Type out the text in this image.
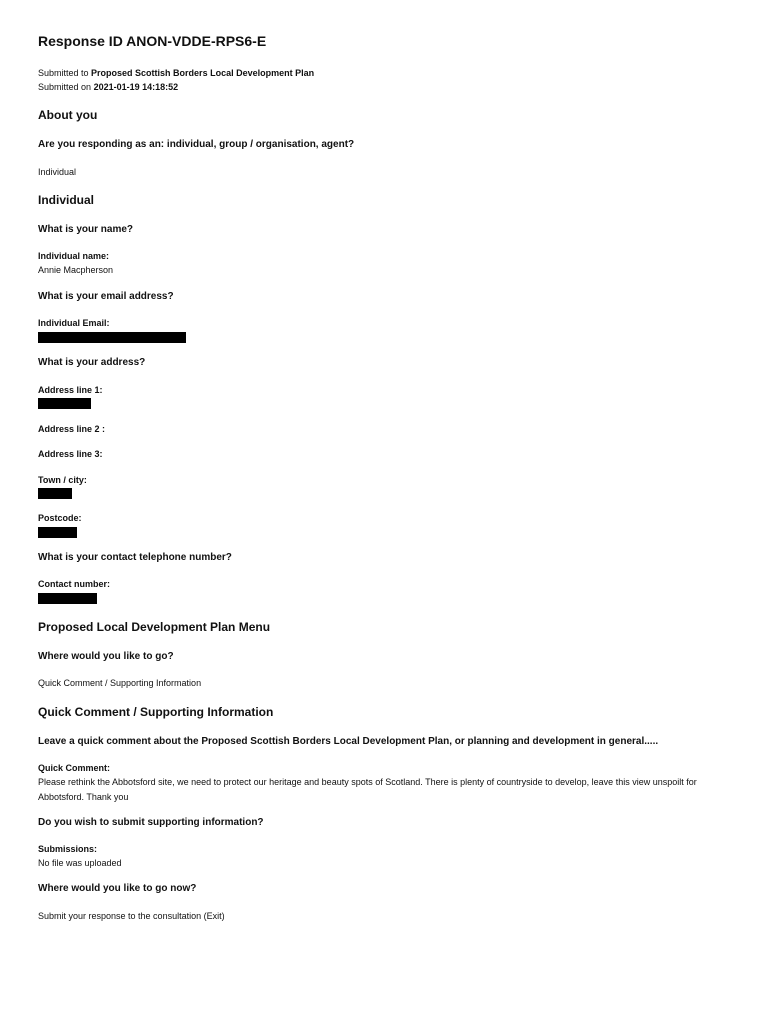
Response ID ANON-VDDE-RPS6-E
Submitted to Proposed Scottish Borders Local Development Plan
Submitted on 2021-01-19 14:18:52
About you
Are you responding as an: individual, group / organisation, agent?
Individual
Individual
What is your name?
Individual name:
Annie Macpherson
What is your email address?
Individual Email:
What is your address?
Address line 1:
Address line 2 :
Address line 3:
Town / city:
Postcode:
What is your contact telephone number?
Contact number:
Proposed Local Development Plan Menu
Where would you like to go?
Quick Comment / Supporting Information
Quick Comment / Supporting Information
Leave a quick comment about the Proposed Scottish Borders Local Development Plan, or planning and development in general.....
Quick Comment:
Please rethink the Abbotsford site, we need to protect our heritage and beauty spots of Scotland. There is plenty of countryside to develop, leave this view unspoilt for Abbotsford. Thank you
Do you wish to submit supporting information?
Submissions:
No file was uploaded
Where would you like to go now?
Submit your response to the consultation (Exit)
